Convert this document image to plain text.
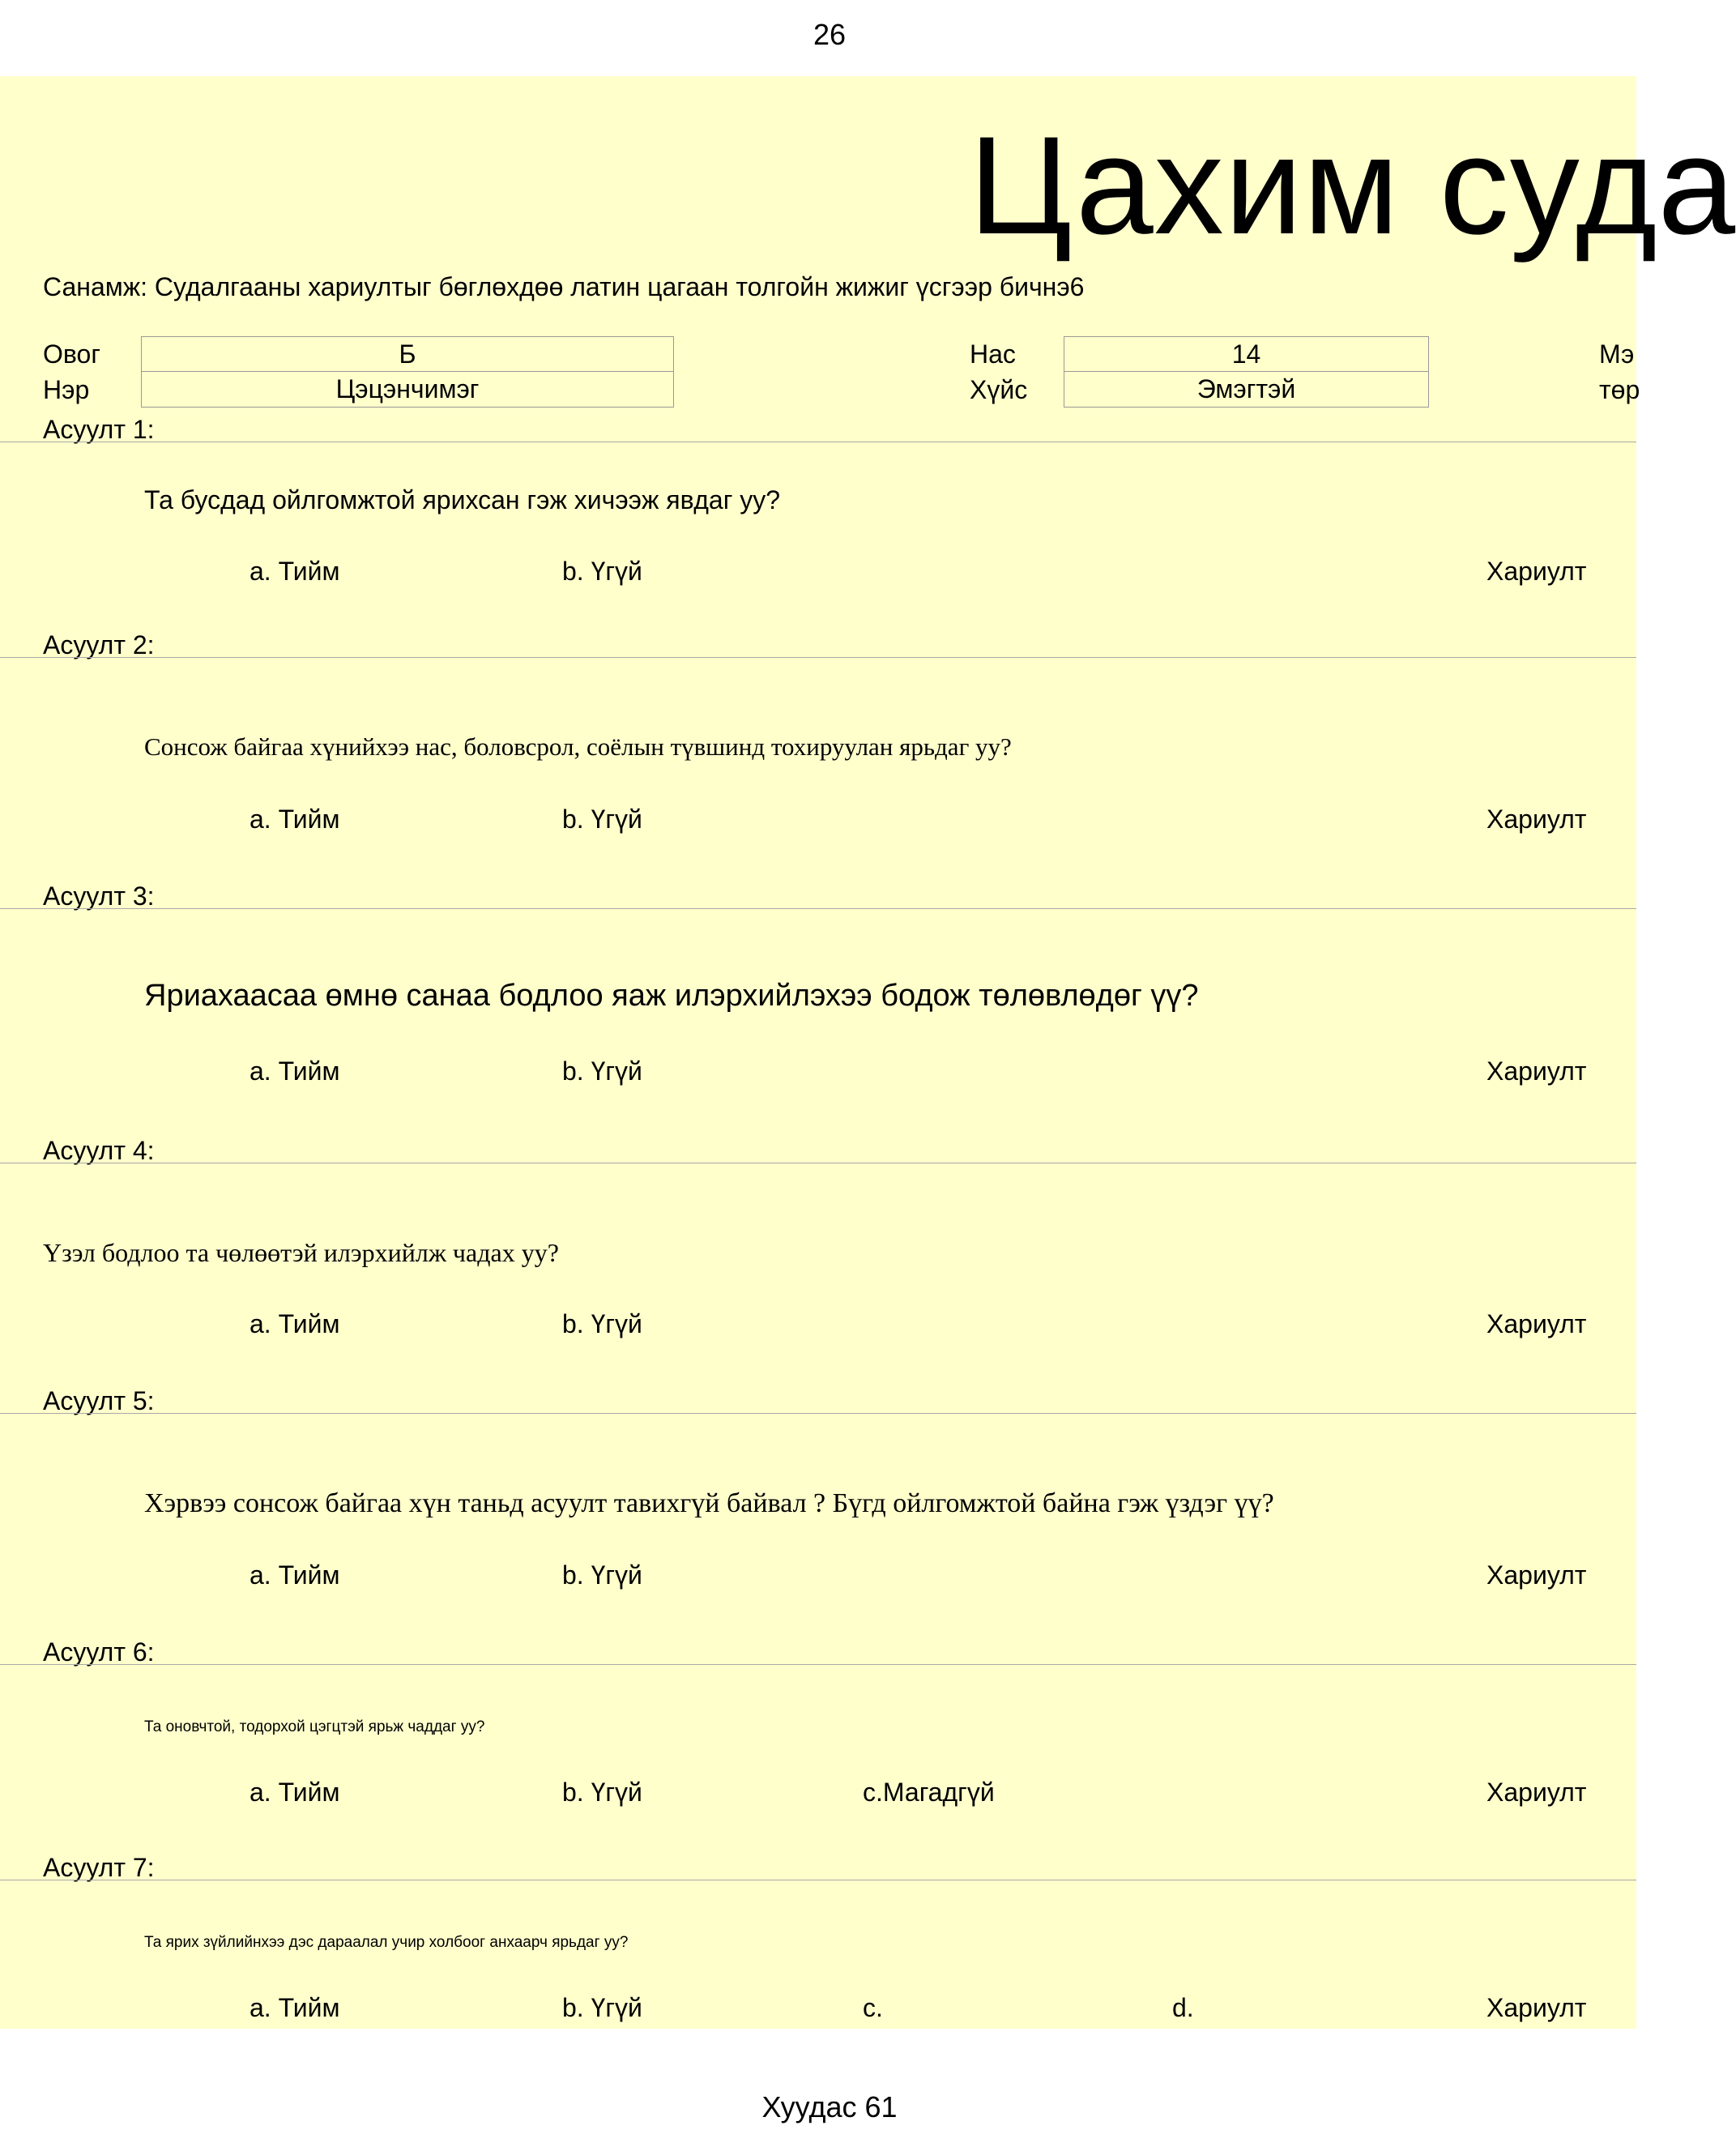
26
Цахим суда
Санамж: Судалгааны хариултыг бөглөхдөө латин цагаан толгойн жижиг үсгээр бичнэ6
Овог	Б
Нэр	Цэцэнчимэг
Нас	14
Хүйс	Эмэгтэй
Мэ
төр
Асуулт 1:
Та бусдад ойлгомжтой ярихсан гэж хичээж явдаг уу?
a. Тийм	b. Үгүй	Хариулт
Асуулт 2:
Сонсож байгаа хүнийхээ нас, боловсрол, соёлын түвшинд тохируулан ярьдаг уу?
a. Тийм	b. Үгүй	Хариулт
Асуулт 3:
Яриахаасаа өмнө санаа бодлоо яаж илэрхийлэхээ бодож төлөвлөдөг үү?
a. Тийм	b. Үгүй	Хариулт
Асуулт 4:
Үзэл бодлоо та чөлөөтэй илэрхийлж чадах уу?
a. Тийм	b. Үгүй	Хариулт
Асуулт 5:
Хэрвээ сонсож байгаа хүн таньд асуулт тавихгүй байвал ? Бүгд ойлгомжтой байна гэж үздэг үү?
a. Тийм	b. Үгүй	Хариулт
Асуулт 6:
Та оновчтой, тодорхой цэгцтэй ярьж чаддаг уу?
a. Тийм	b. Үгүй	c.Магадгүй	Хариулт
Асуулт 7:
Та ярих зүйлийнхээ дэс дараалал учир холбоог анхаарч ярьдаг уу?
a. Тийм	b. Үгүй	c.	d.	Хариулт
Хуудас 61
